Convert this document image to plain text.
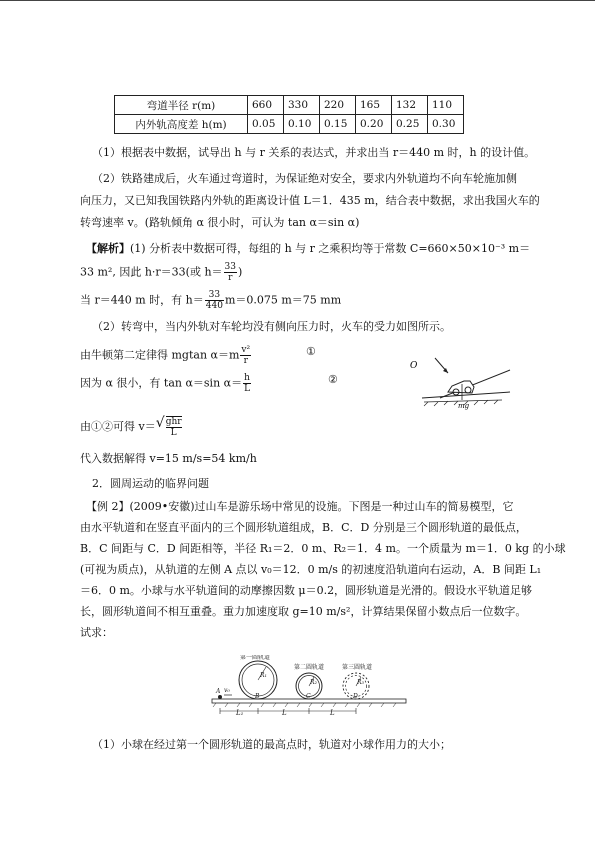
弯道半径 r(m)	660	330	220	165	132	110
内外轨高度差 h(m)	0.05	0.10	0.15	0.20	0.25	0.30
（1）根据表中数据，试导出 h 与 r 关系的表达式，并求出当 r＝440 m 时，h 的设计值。
（2）铁路建成后，火车通过弯道时，为保证绝对安全，要求内外轨道均不向车轮施加侧
向压力，又已知我国铁路内外轨的距离设计值 L＝1．435 m，结合表中数据，求出我国火车的
转弯速率 v。(路轨倾角 α 很小时，可认为 tan α＝sin α)
【解析】(1) 分析表中数据可得，每组的 h 与 r 之乘积均等于常数 C=660×50×10⁻³ m＝
33 m², 因此 h·r＝33(或 $h= \frac{33}{r}$ )
当 r＝440 m 时，有 $h= \frac{33}{440} m=0.075$ m＝75 mm
（2）转弯中，当内外轨对车轮均没有侧向压力时，火车的受力如图所示。
由牛顿第二定律得 mgtan $\alpha=m \frac{\text{v²}}{r}$	①
因为 α 很小，有 tan α＝sin $\alpha= \frac{h}{L}$	②
由①②可得 v＝ √ ghr
L
代入数据解得 v=15 m/s=54 km/h
O
mg
2．圆周运动的临界问题
【例 2】(2009•安徽)过山车是游乐场中常见的设施。下图是一种过山车的简易模型，它
由水平轨道和在竖直平面内的三个圆形轨道组成，B．C．D 分别是三个圆形轨道的最低点，
B．C 间距与 C．D 间距相等，半径 R₁＝2．0 m、R₂＝1．4 m。一个质量为 m＝1．0 kg 的小球
(可视为质点)，从轨道的左侧 A 点以 v₀＝12．0 m/s 的初速度沿轨道向右运动，A．B 间距 L₁
＝6．0 m。小球与水平轨道间的动摩擦因数 μ＝0.2，圆形轨道是光滑的。假设水平轨道足够
长，圆形轨道间不相互重叠。重力加速度取 g=10 m/s²，计算结果保留小数点后一位数字。
试求：
第一圆轨道
第二圆轨道	第三圆轨道
R₁
R₂	R₃
A
B	C	D
v₀
L₁	L	L
（1）小球在经过第一个圆形轨道的最高点时，轨道对小球作用力的大小；
